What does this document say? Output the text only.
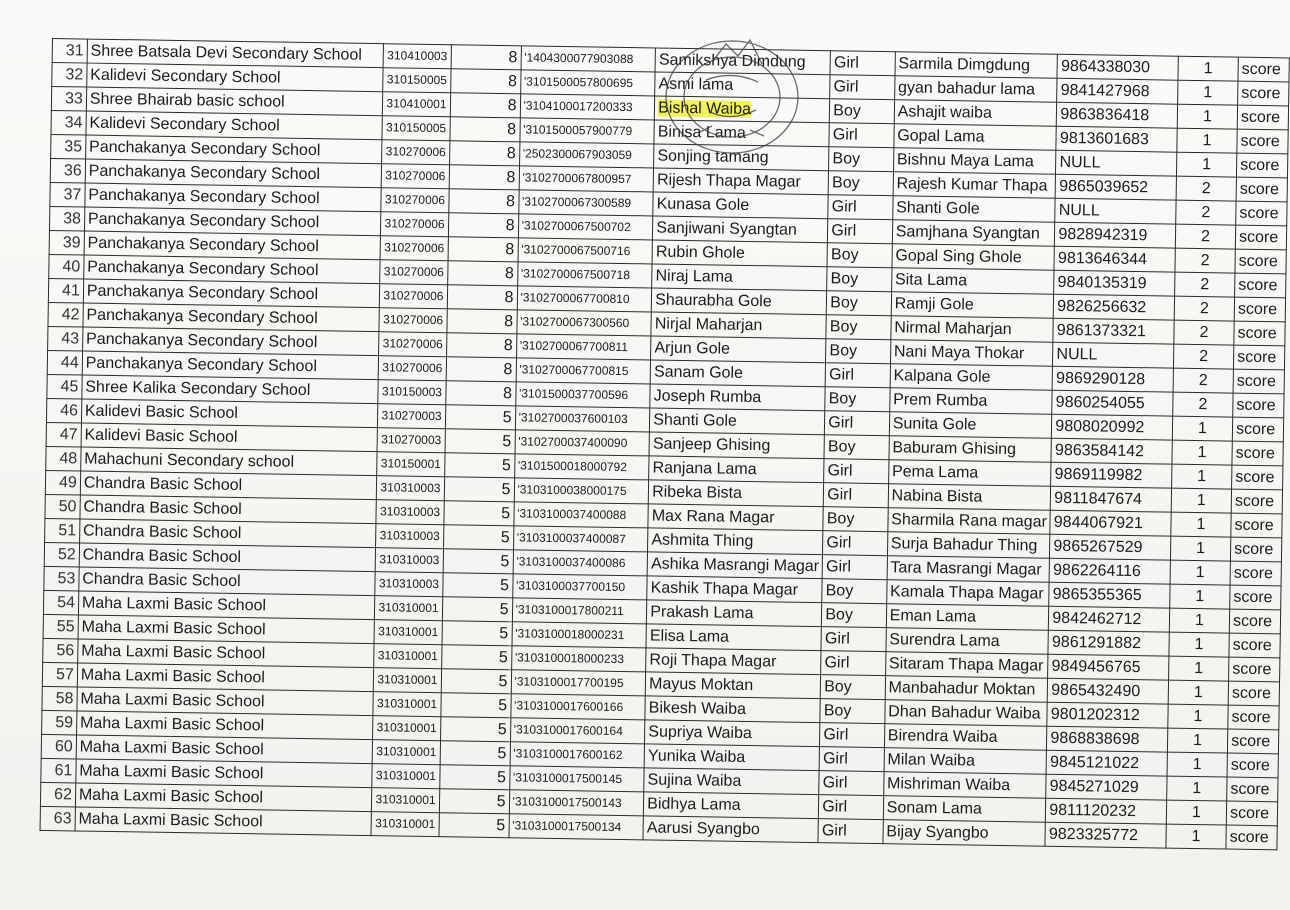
31	Shree Batsala Devi Secondary School	310410003	8	'1404300077903088	Samikshya Dimdung	Girl	Sarmila Dimgdung	9864338030	1	score
32	Kalidevi Secondary School	310150005	8	'3101500057800695	Asmi lama	Girl	gyan bahadur lama	9841427968	1	score
33	Shree Bhairab basic school	310410001	8	'3104100017200333	Bishal Waiba	Boy	Ashajit waiba	9863836418	1	score
34	Kalidevi Secondary School	310150005	8	'3101500057900779	Binisa Lama	Girl	Gopal Lama	9813601683	1	score
35	Panchakanya Secondary School	310270006	8	'2502300067903059	Sonjing tamang	Boy	Bishnu Maya Lama	NULL	1	score
36	Panchakanya Secondary School	310270006	8	'3102700067800957	Rijesh Thapa Magar	Boy	Rajesh Kumar Thapa	9865039652	2	score
37	Panchakanya Secondary School	310270006	8	'3102700067300589	Kunasa Gole	Girl	Shanti Gole	NULL	2	score
38	Panchakanya Secondary School	310270006	8	'3102700067500702	Sanjiwani Syangtan	Girl	Samjhana Syangtan	9828942319	2	score
39	Panchakanya Secondary School	310270006	8	'3102700067500716	Rubin Ghole	Boy	Gopal Sing Ghole	9813646344	2	score
40	Panchakanya Secondary School	310270006	8	'3102700067500718	Niraj Lama	Boy	Sita Lama	9840135319	2	score
41	Panchakanya Secondary School	310270006	8	'3102700067700810	Shaurabha Gole	Boy	Ramji Gole	9826256632	2	score
42	Panchakanya Secondary School	310270006	8	'3102700067300560	Nirjal Maharjan	Boy	Nirmal Maharjan	9861373321	2	score
43	Panchakanya Secondary School	310270006	8	'3102700067700811	Arjun Gole	Boy	Nani Maya Thokar	NULL	2	score
44	Panchakanya Secondary School	310270006	8	'3102700067700815	Sanam Gole	Girl	Kalpana Gole	9869290128	2	score
45	Shree Kalika Secondary School	310150003	8	'3101500037700596	Joseph Rumba	Boy	Prem Rumba	9860254055	2	score
46	Kalidevi Basic School	310270003	5	'3102700037600103	Shanti Gole	Girl	Sunita Gole	9808020992	1	score
47	Kalidevi Basic School	310270003	5	'3102700037400090	Sanjeep Ghising	Boy	Baburam Ghising	9863584142	1	score
48	Mahachuni Secondary school	310150001	5	'3101500018000792	Ranjana Lama	Girl	Pema Lama	9869119982	1	score
49	Chandra Basic School	310310003	5	'3103100038000175	Ribeka Bista	Girl	Nabina Bista	9811847674	1	score
50	Chandra Basic School	310310003	5	'3103100037400088	Max Rana Magar	Boy	Sharmila Rana magar	9844067921	1	score
51	Chandra Basic School	310310003	5	'3103100037400087	Ashmita Thing	Girl	Surja Bahadur Thing	9865267529	1	score
52	Chandra Basic School	310310003	5	'3103100037400086	Ashika Masrangi Magar	Girl	Tara Masrangi Magar	9862264116	1	score
53	Chandra Basic School	310310003	5	'3103100037700150	Kashik Thapa Magar	Boy	Kamala Thapa Magar	9865355365	1	score
54	Maha Laxmi Basic School	310310001	5	'3103100017800211	Prakash Lama	Boy	Eman Lama	9842462712	1	score
55	Maha Laxmi Basic School	310310001	5	'3103100018000231	Elisa Lama	Girl	Surendra Lama	9861291882	1	score
56	Maha Laxmi Basic School	310310001	5	'3103100018000233	Roji Thapa Magar	Girl	Sitaram Thapa Magar	9849456765	1	score
57	Maha Laxmi Basic School	310310001	5	'3103100017700195	Mayus Moktan	Boy	Manbahadur Moktan	9865432490	1	score
58	Maha Laxmi Basic School	310310001	5	'3103100017600166	Bikesh Waiba	Boy	Dhan Bahadur Waiba	9801202312	1	score
59	Maha Laxmi Basic School	310310001	5	'3103100017600164	Supriya Waiba	Girl	Birendra Waiba	9868838698	1	score
60	Maha Laxmi Basic School	310310001	5	'3103100017600162	Yunika Waiba	Girl	Milan Waiba	9845121022	1	score
61	Maha Laxmi Basic School	310310001	5	'3103100017500145	Sujina Waiba	Girl	Mishriman Waiba	9845271029	1	score
62	Maha Laxmi Basic School	310310001	5	'3103100017500143	Bidhya Lama	Girl	Sonam Lama	9811120232	1	score
63	Maha Laxmi Basic School	310310001	5	'3103100017500134	Aarusi Syangbo	Girl	Bijay Syangbo	9823325772	1	score
